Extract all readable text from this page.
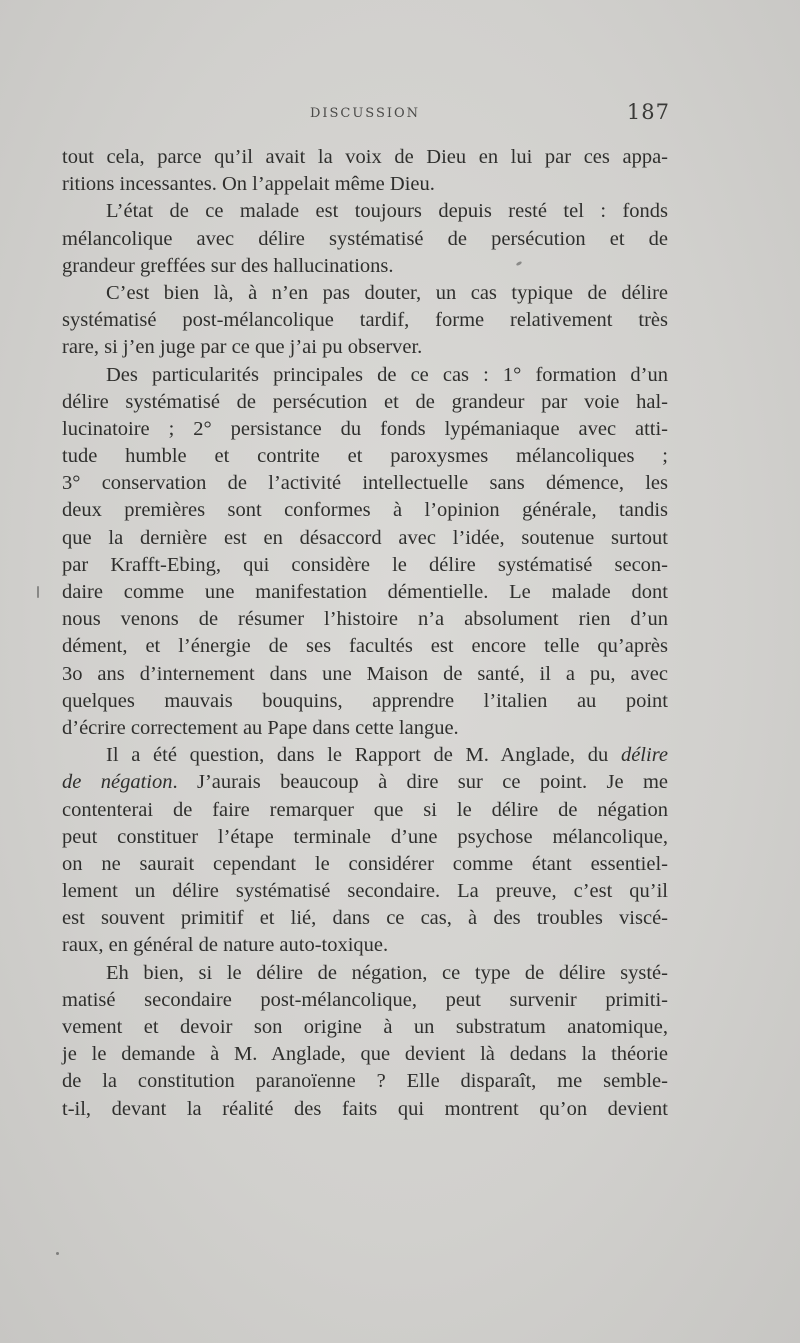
DISCUSSION	187
tout cela, parce qu’il avait la voix de Dieu en lui par ces appa-
ritions incessantes. On l’appelait même Dieu.
L’état de ce malade est toujours depuis resté tel : fonds
mélancolique avec délire systématisé de persécution et de
grandeur greffées sur des hallucinations.
C’est bien là, à n’en pas douter, un cas typique de délire
systématisé post-mélancolique tardif, forme relativement très
rare, si j’en juge par ce que j’ai pu observer.
Des particularités principales de ce cas : 1° formation d’un
délire systématisé de persécution et de grandeur par voie hal-
lucinatoire ; 2° persistance du fonds lypémaniaque avec atti-
tude humble et contrite et paroxysmes mélancoliques ;
3° conservation de l’activité intellectuelle sans démence, les
deux premières sont conformes à l’opinion générale, tandis
que la dernière est en désaccord avec l’idée, soutenue surtout
par Krafft-Ebing, qui considère le délire systématisé secon-
daire comme une manifestation démentielle. Le malade dont
nous venons de résumer l’histoire n’a absolument rien d’un
dément, et l’énergie de ses facultés est encore telle qu’après
3o ans d’internement dans une Maison de santé, il a pu, avec
quelques mauvais bouquins, apprendre l’italien au point
d’écrire correctement au Pape dans cette langue.
Il a été question, dans le Rapport de M. Anglade, du délire
de négation. J’aurais beaucoup à dire sur ce point. Je me
contenterai de faire remarquer que si le délire de négation
peut constituer l’étape terminale d’une psychose mélancolique,
on ne saurait cependant le considérer comme étant essentiel-
lement un délire systématisé secondaire. La preuve, c’est qu’il
est souvent primitif et lié, dans ce cas, à des troubles viscé-
raux, en général de nature auto-toxique.
Eh bien, si le délire de négation, ce type de délire systé-
matisé secondaire post-mélancolique, peut survenir primiti-
vement et devoir son origine à un substratum anatomique,
je le demande à M. Anglade, que devient là dedans la théorie
de la constitution paranoïenne ? Elle disparaît, me semble-
t-il, devant la réalité des faits qui montrent qu’on devient
